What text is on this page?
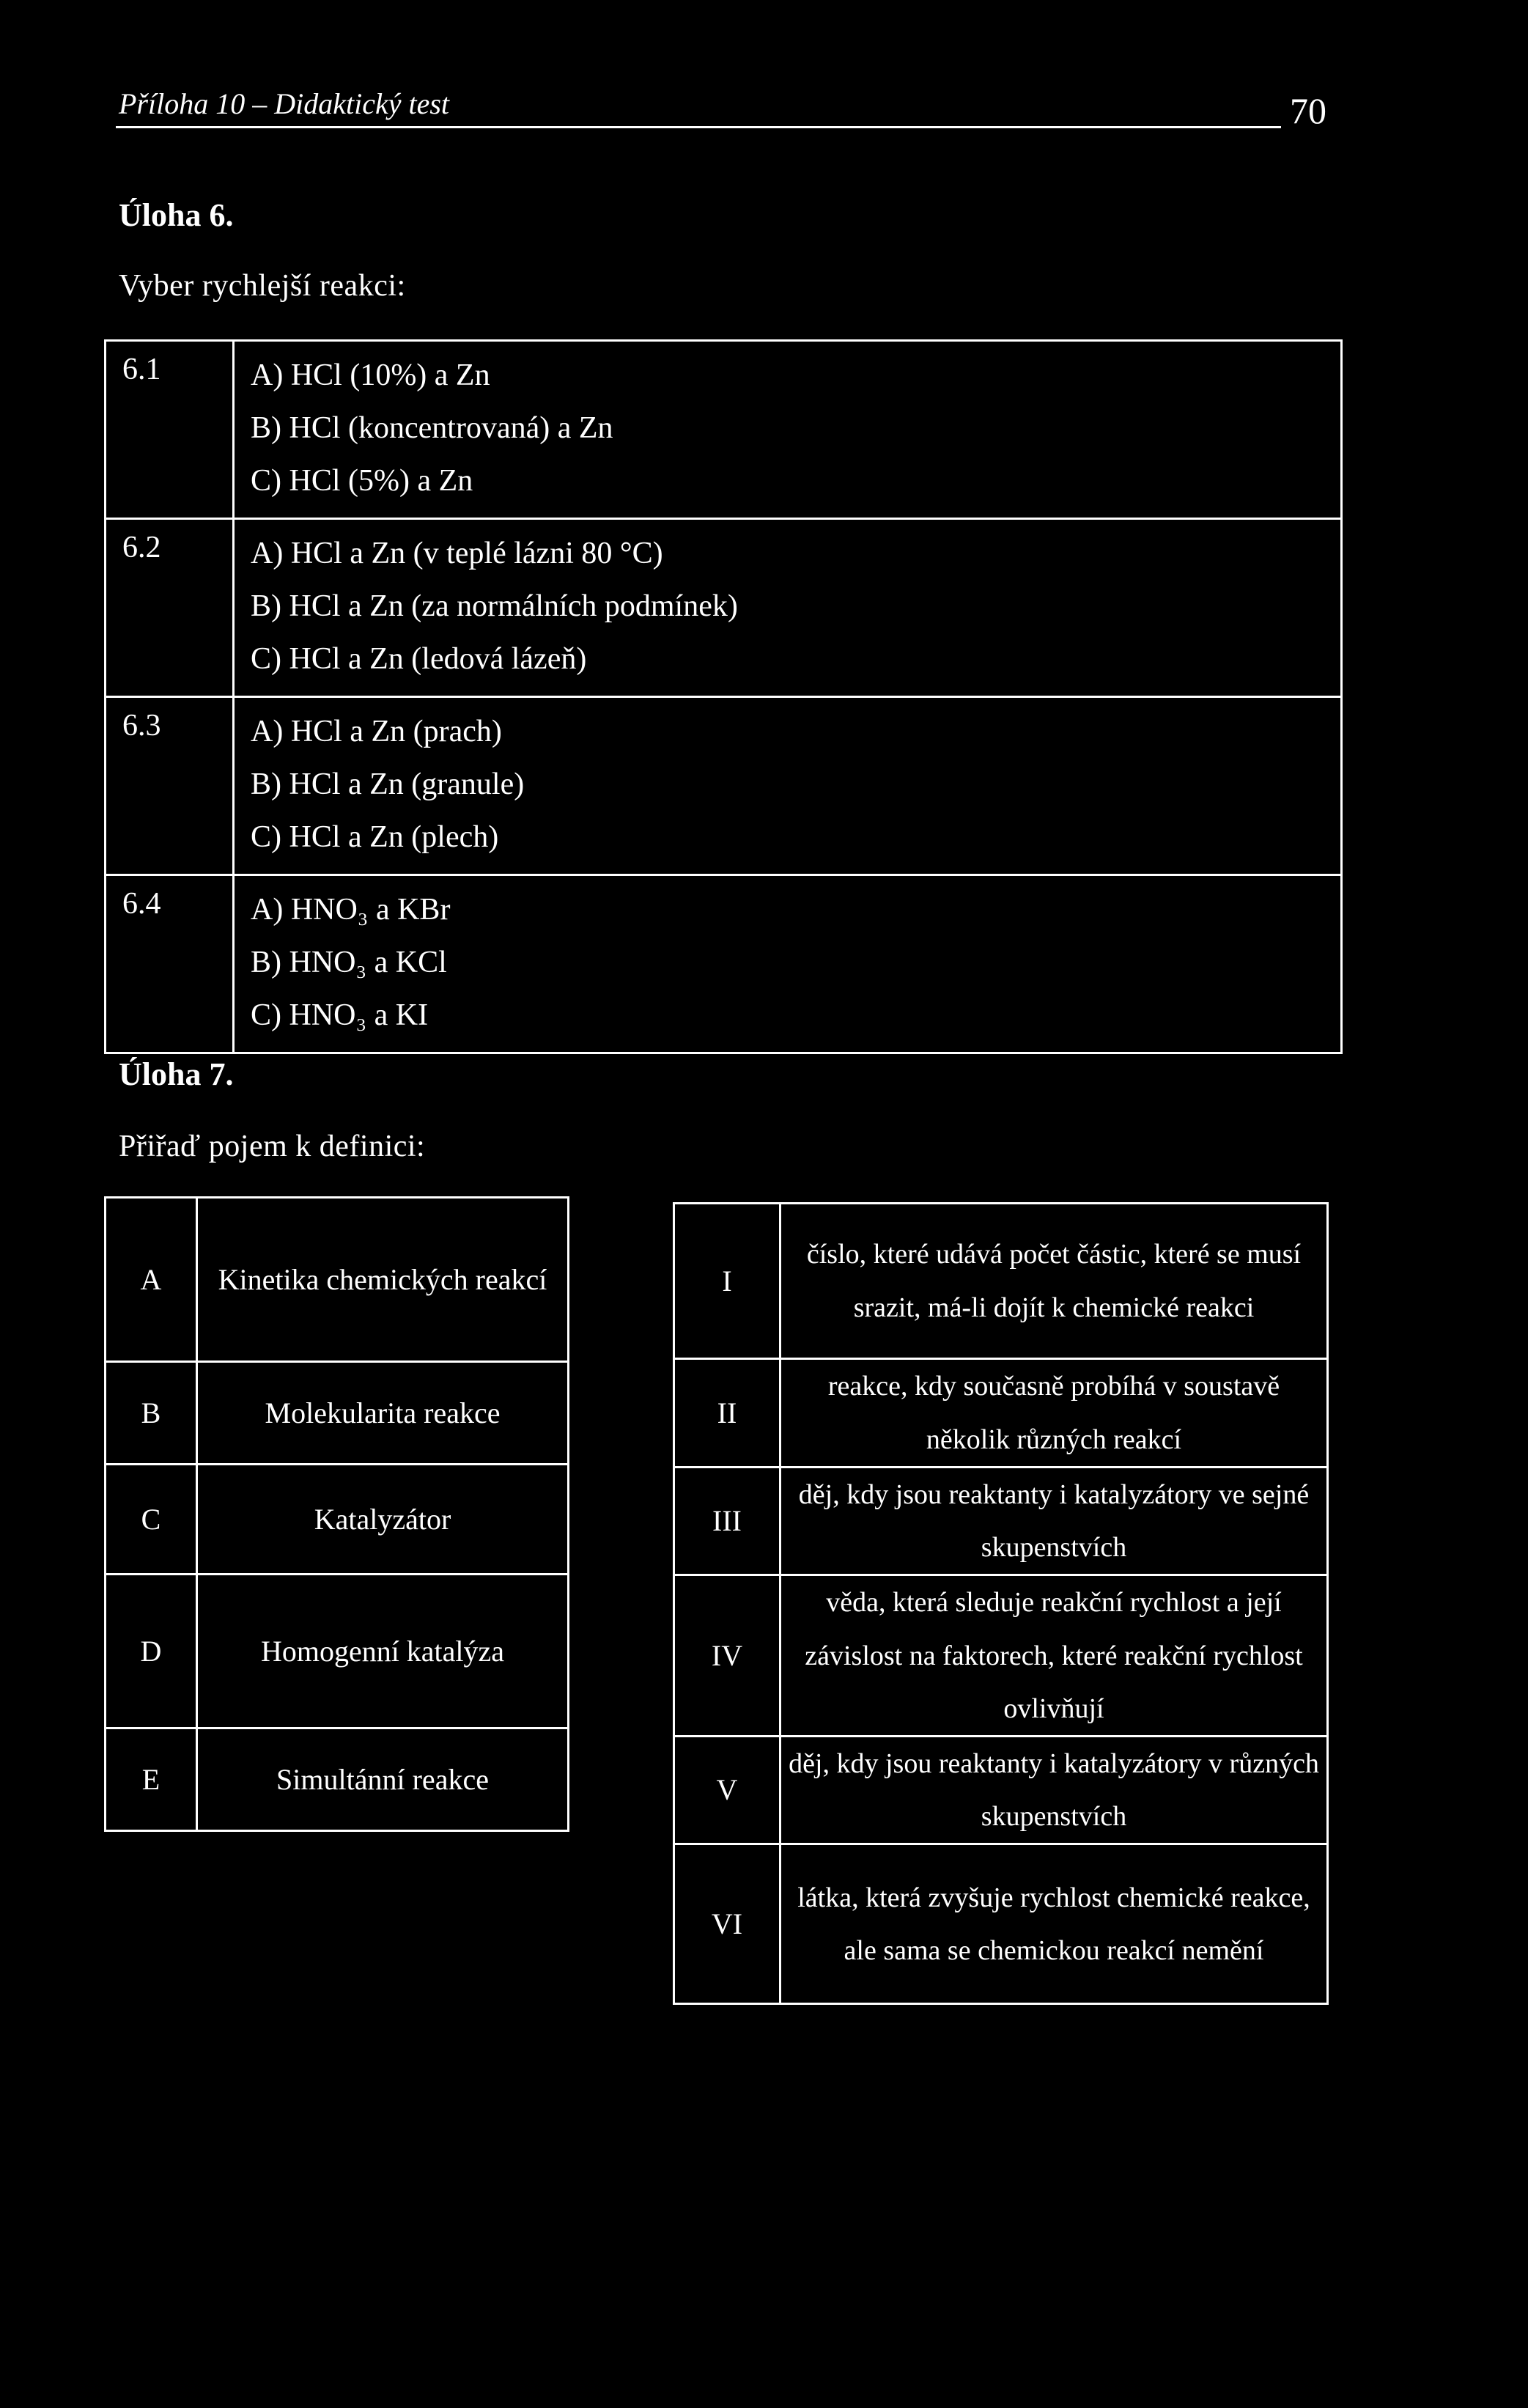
Příloha 10 – Didaktický test	70
Úloha 6.
Vyber rychlejší reakci:
6.1	A) HCl (10%) a Zn
B) HCl (koncentrovaná) a Zn
C) HCl (5%) a Zn

6.2	A) HCl a Zn (v teplé lázni 80 °C)
B) HCl a Zn (za normálních podmínek)
C) HCl a Zn (ledová lázeň)

6.3	A) HCl a Zn (prach)
B) HCl a Zn (granule)
C) HCl a Zn (plech)

6.4	A) HNO₃ a KBr
B) HNO₃ a KCl
C) HNO₃ a KI
Úloha 7.
Přiřaď pojem k definici:
A	Kinetika chemických reakcí
B	Molekularita reakce
C	Katalyzátor
D	Homogenní katalýza
E	Simultánní reakce
I	číslo, které udává počet částic, které se musí srazit, má-li dojít k chemické reakci
II	reakce, kdy současně probíhá v soustavě několik různých reakcí
III	děj, kdy jsou reaktanty i katalyzátory ve sejné skupenstvích
IV	věda, která sleduje reakční rychlost a její závislost na faktorech, které reakční rychlost ovlivňují
V	děj, kdy jsou reaktanty i katalyzátory v různých skupenstvích
VI	látka, která zvyšuje rychlost chemické reakce, ale sama se chemickou reakcí nemění
